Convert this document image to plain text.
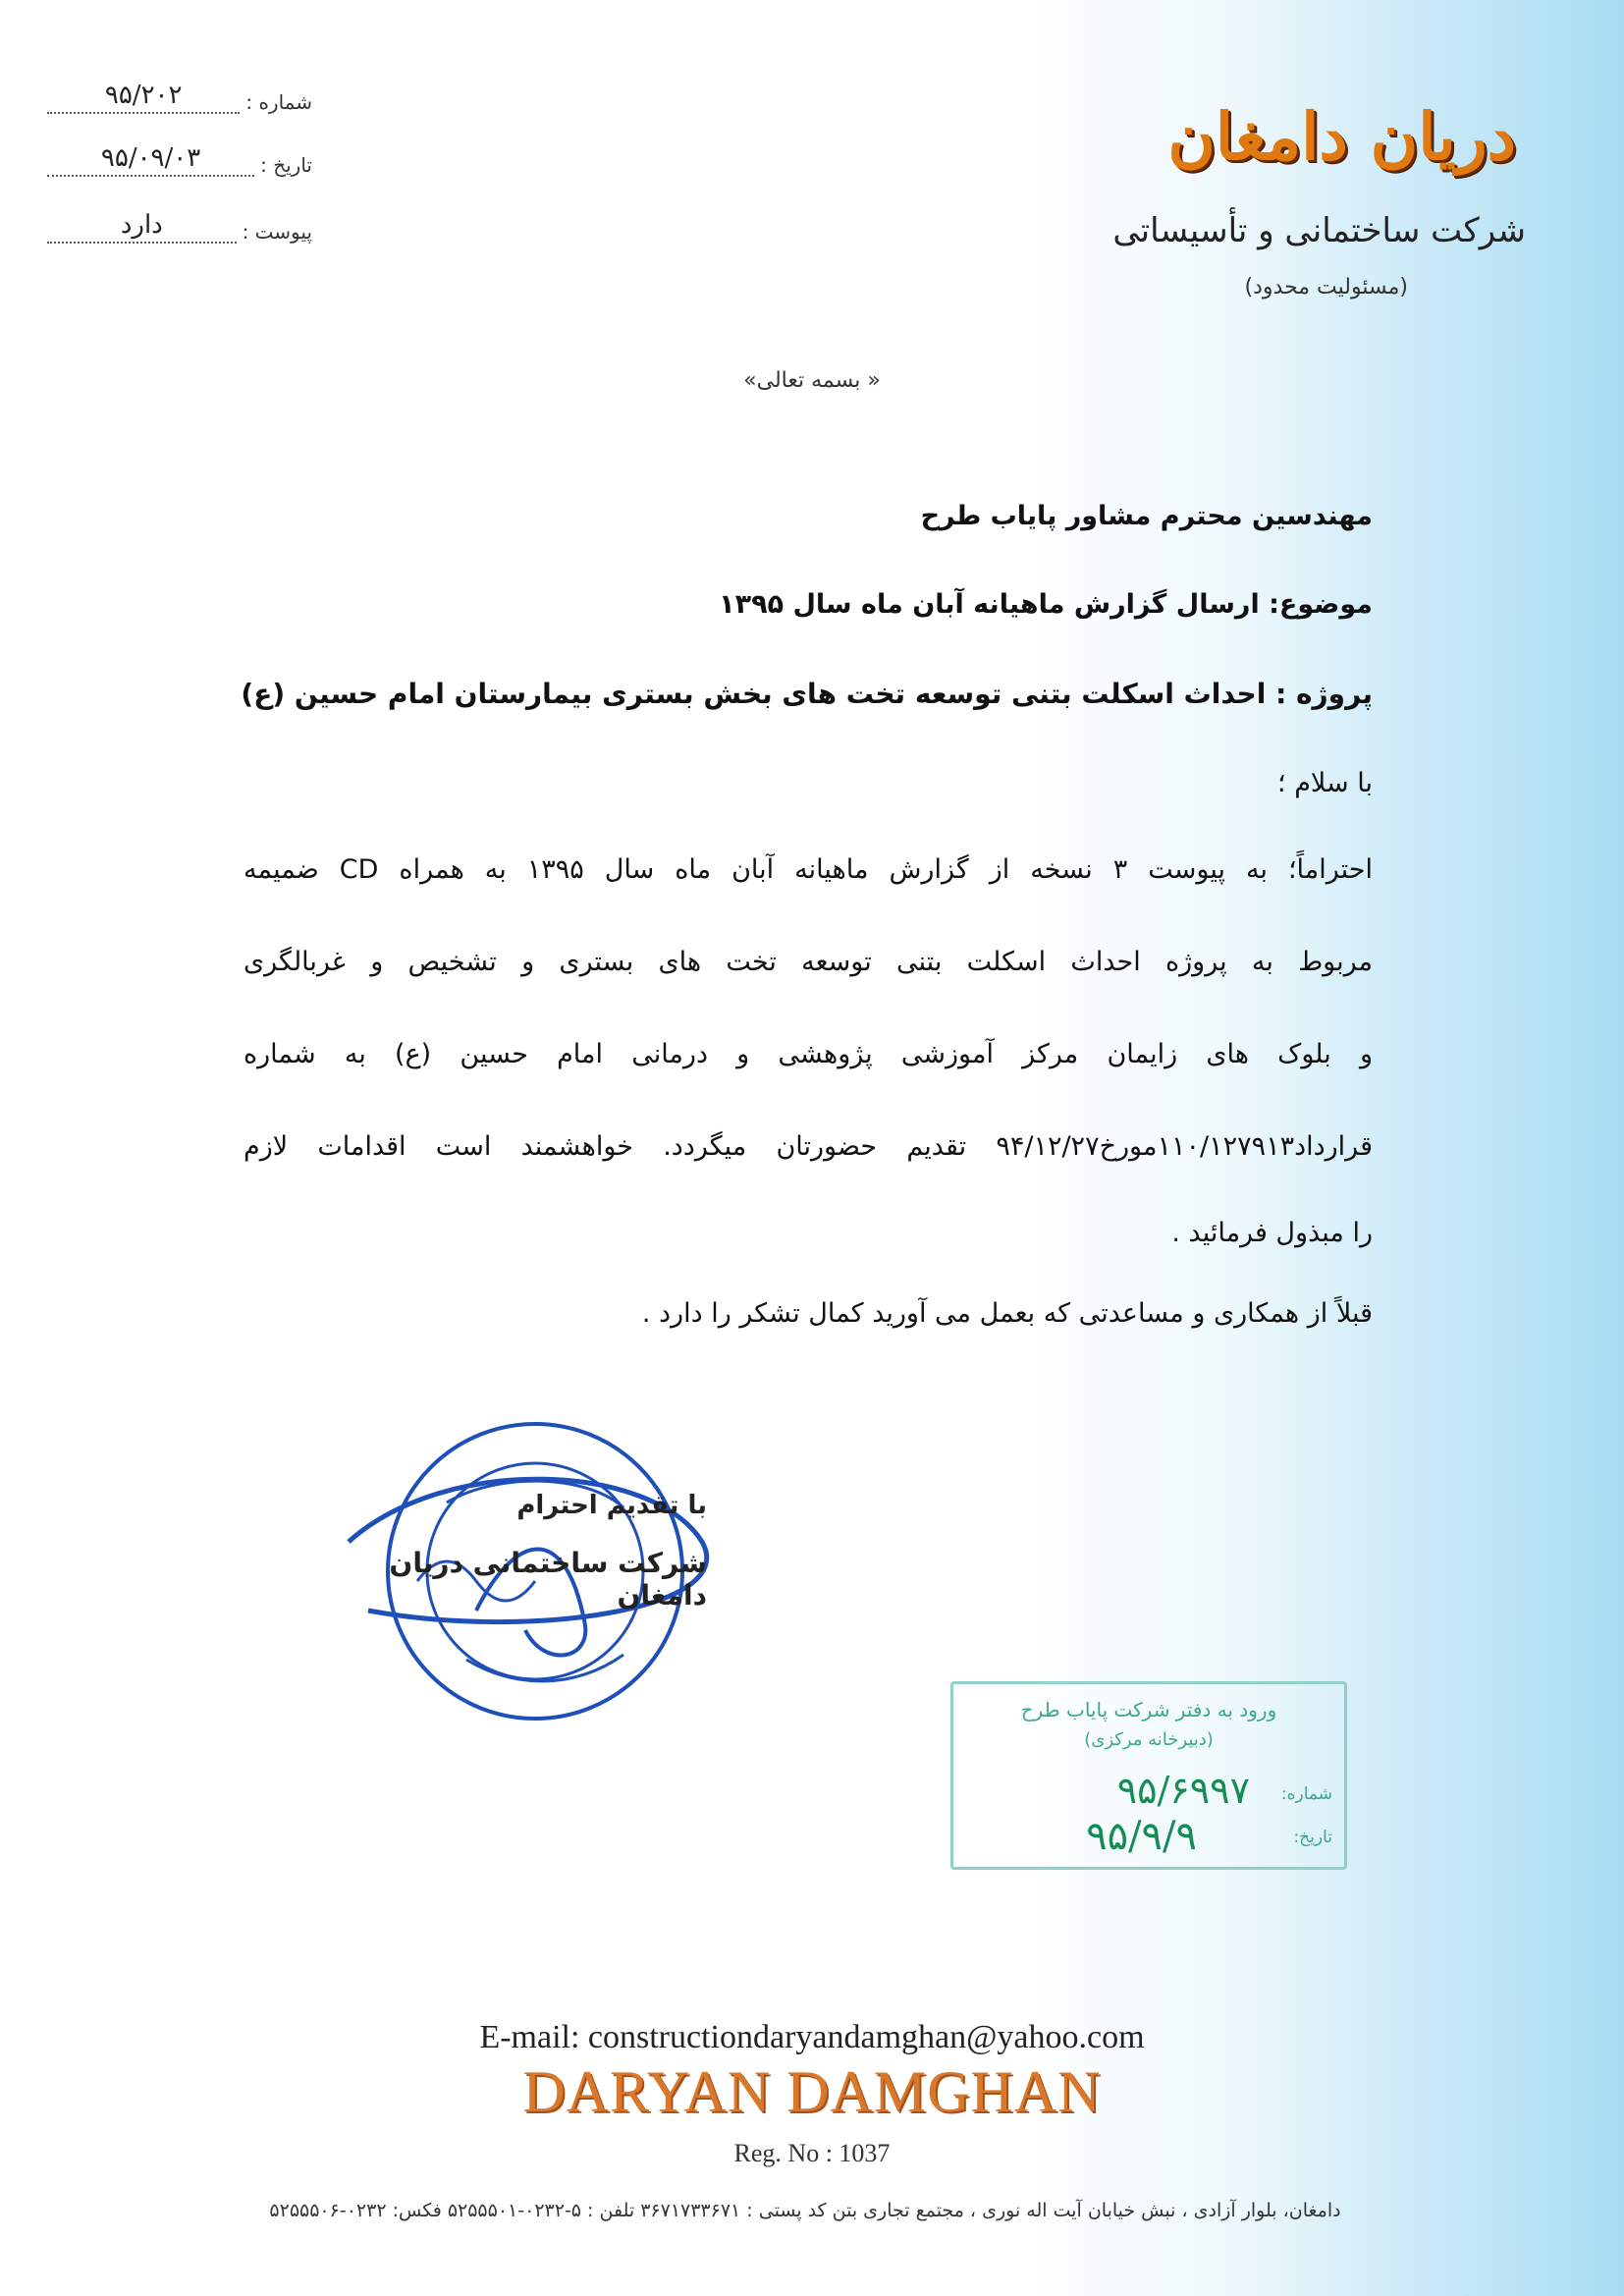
شماره :
۹۵/۲۰۲
تاریخ :
۹۵/۰۹/۰۳
پیوست :
دارد
دریان دامغان
شرکت ساختمانی و تأسیساتی
(مسئولیت محدود)
« بسمه تعالی»
مهندسین محترم مشاور پایاب طرح
موضوع: ارسال گزارش ماهیانه آبان ماه سال ۱۳۹۵
پروژه : احداث اسکلت بتنی توسعه تخت های بخش بستری بیمارستان امام حسین (ع)
با سلام ؛
احتراماً؛ به پیوست ۳ نسخه از گزارش ماهیانه آبان ماه سال ۱۳۹۵ به همراه CD ضمیمه
مربوط به پروژه احداث اسکلت بتنی توسعه تخت های بستری و تشخیص و غربالگری
و بلوک های زایمان مرکز آموزشی پژوهشی و درمانی امام حسین (ع) به شماره
قرارداد۱۱۰/۱۲۷۹۱۳مورخ۹۴/۱۲/۲۷ تقدیم حضورتان میگردد. خواهشمند است اقدامات لازم
را مبذول فرمائید .
قبلاً از همکاری و مساعدتی که بعمل می آورید کمال تشکر را دارد .
با تقدیم احترام
شرکت ساختمانی دریان دامغان
ورود به دفتر شرکت پایاب طرح
(دبیرخانه مرکزی)
شماره:
۹۵/۶۹۹۷
تاریخ:
۹۵/۹/۹
E-mail: constructiondaryandamghan@yahoo.com
DARYAN DAMGHAN
Reg. No : 1037
دامغان، بلوار آزادی ، نبش خیابان آیت اله نوری ، مجتمع تجاری بتن کد پستی : ۳۶۷۱۷۳۳۶۷۱ تلفن : ۵-۰۲۳۲-۵۲۵۵۵۰۱ فکس: ۰۲۳۲-۵۲۵۵۵۰۶
